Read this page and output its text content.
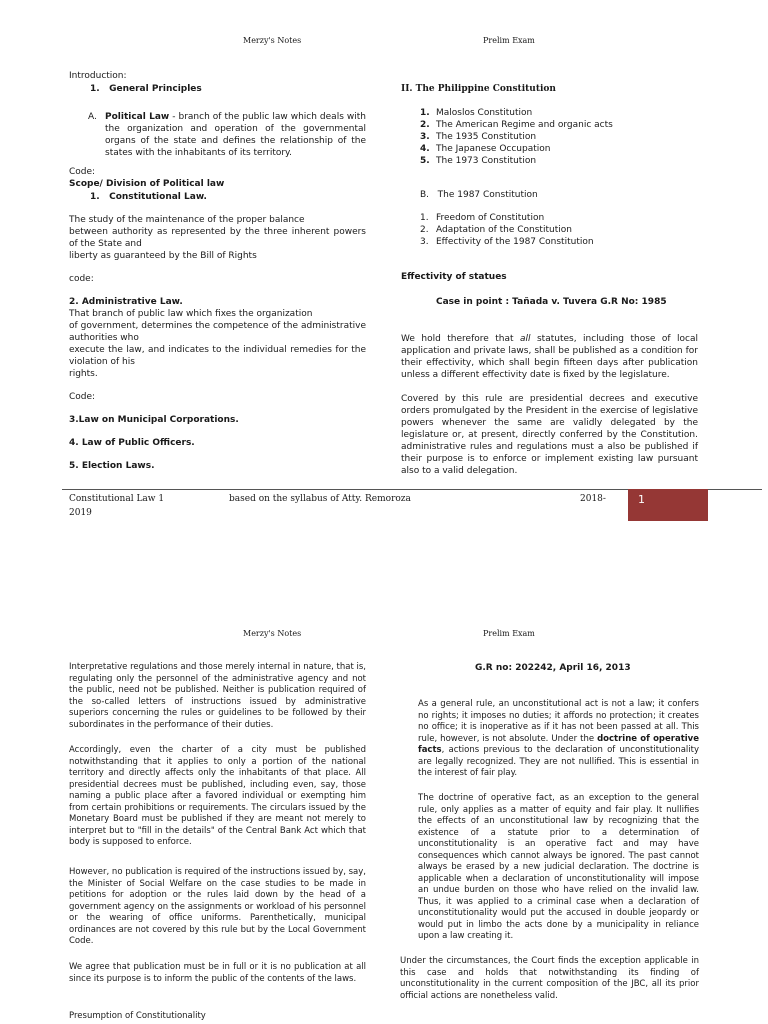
Merzy's Notes	Prelim Exam
Introduction:
1. General Principles
A. Political Law - branch of the public law which deals with the organization and operation of the governmental organs of the state and defines the relationship of the states with the inhabitants of its territory.
Code:
Scope/ Division of Political law
1. Constitutional Law.
The study of the maintenance of the proper balance
between authority as represented by the three inherent powers of the State and
liberty as guaranteed by the Bill of Rights
code:
2. Administrative Law.
That branch of public law which fixes the organization
of government, determines the competence of the administrative authorities who
execute the law, and indicates to the individual remedies for the violation of his
rights.
Code:
3.Law on Municipal Corporations.
4. Law of Public Officers.
5. Election Laws.
II. The Philippine Constitution
1. Maloslos Constitution
2. The American Regime and organic acts
3. The 1935 Constitution
4. The Japanese Occupation
5. The 1973 Constitution
B. The 1987 Constitution
1. Freedom of Constitution
2. Adaptation of the Constitution
3. Effectivity of the 1987 Constitution
Effectivity of statues
Case in point : Tañada v. Tuvera G.R No: 1985
We hold therefore that all statutes, including those of local application and private laws, shall be published as a condition for their effectivity, which shall begin fifteen days after publication unless a different effectivity date is fixed by the legislature.
Covered by this rule are presidential decrees and executive orders promulgated by the President in the exercise of legislative powers whenever the same are validly delegated by the legislature or, at present, directly conferred by the Constitution. administrative rules and regulations must a also be published if their purpose is to enforce or implement existing law pursuant also to a valid delegation.
Constitutional Law 1
2019
based on the syllabus of Atty. Remoroza	2018-	1
Merzy's Notes	Prelim Exam
Interpretative regulations and those merely internal in nature, that is, regulating only the personnel of the administrative agency and not the public, need not be published. Neither is publication required of the so-called letters of instructions issued by administrative superiors concerning the rules or guidelines to be followed by their subordinates in the performance of their duties.
Accordingly, even the charter of a city must be published notwithstanding that it applies to only a portion of the national territory and directly affects only the inhabitants of that place. All presidential decrees must be published, including even, say, those naming a public place after a favored individual or exempting him from certain prohibitions or requirements. The circulars issued by the Monetary Board must be published if they are meant not merely to interpret but to "fill in the details" of the Central Bank Act which that body is supposed to enforce.
However, no publication is required of the instructions issued by, say, the Minister of Social Welfare on the case studies to be made in petitions for adoption or the rules laid down by the head of a government agency on the assignments or workload of his personnel or the wearing of office uniforms. Parenthetically, municipal ordinances are not covered by this rule but by the Local Government Code.
We agree that publication must be in full or it is no publication at all since its purpose is to inform the public of the contents of the laws.
Presumption of Constitutionality
G.R no: 202242, April 16, 2013
As a general rule, an unconstitutional act is not a law; it confers no rights; it imposes no duties; it affords no protection; it creates no office; it is inoperative as if it has not been passed at all. This rule, however, is not absolute. Under the doctrine of operative facts, actions previous to the declaration of unconstitutionality are legally recognized. They are not nullified. This is essential in the interest of fair play.
The doctrine of operative fact, as an exception to the general rule, only applies as a matter of equity and fair play. It nullifies the effects of an unconstitutional law by recognizing that the existence of a statute prior to a determination of unconstitutionality is an operative fact and may have consequences which cannot always be ignored. The past cannot always be erased by a new judicial declaration. The doctrine is applicable when a declaration of unconstitutionality will impose an undue burden on those who have relied on the invalid law. Thus, it was applied to a criminal case when a declaration of unconstitutionality would put the accused in double jeopardy or would put in limbo the acts done by a municipality in reliance upon a law creating it.
Under the circumstances, the Court finds the exception applicable in this case and holds that notwithstanding its finding of unconstitutionality in the current composition of the JBC, all its prior official actions are nonetheless valid.
